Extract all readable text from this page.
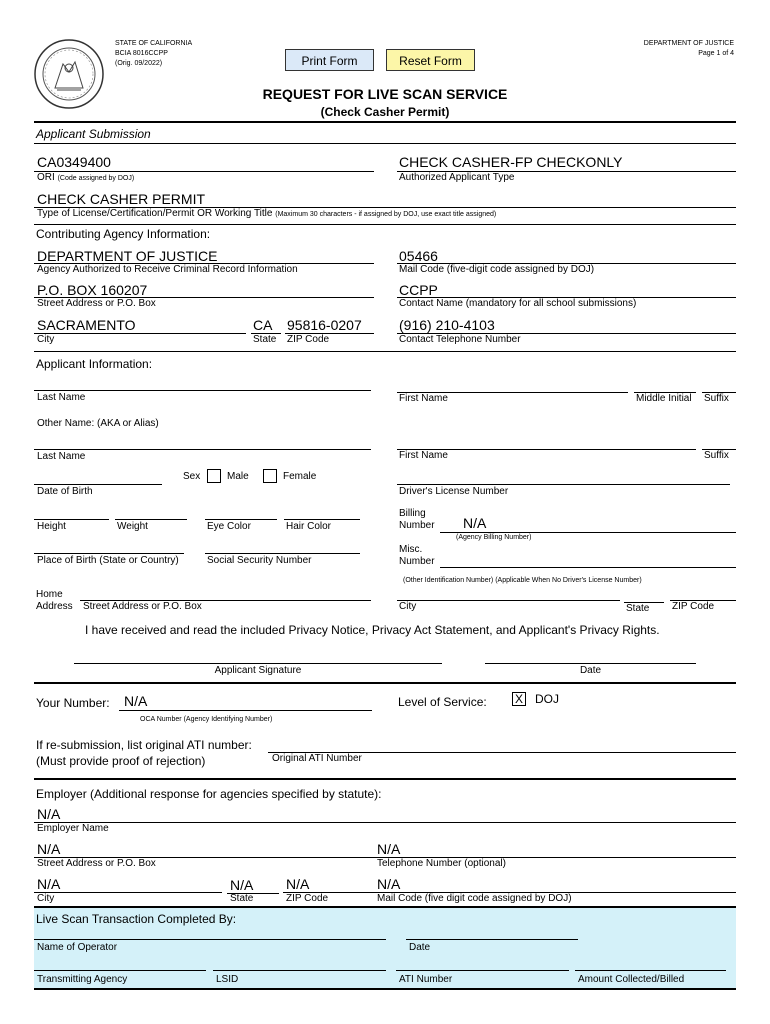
STATE OF CALIFORNIA
BCIA 8016CCPP
(Orig. 09/2022)	Print Form	Reset Form
DEPARTMENT OF JUSTICE
Page 1 of 4
REQUEST FOR LIVE SCAN SERVICE
(Check Casher Permit)
Applicant Submission
CA0349400
ORI (Code assigned by DOJ)
CHECK CASHER-FP CHECKONLY
Authorized Applicant Type
CHECK CASHER PERMIT
Type of License/Certification/Permit OR Working Title (Maximum 30 characters - if assigned by DOJ, use exact title assigned)
Contributing Agency Information:
DEPARTMENT OF JUSTICE
Agency Authorized to Receive Criminal Record Information
05466
Mail Code (five-digit code assigned by DOJ)
P.O. BOX 160207
Street Address or P.O. Box
CCPP
Contact Name (mandatory for all school submissions)
SACRAMENTO
City
CA
State
95816-0207
ZIP Code
(916) 210-4103
Contact Telephone Number
Applicant Information:
Last Name	First Name	Middle Initial Suffix
Other Name: (AKA or Alias)
Last Name	First Name	Suffix
Sex	Male	Female
Date of Birth	Driver's License Number
Height	Weight	Eye Color	Hair Color
Billing
Number N/A
(Agency Billing Number)
Place of Birth (State or Country)	Social Security Number
Misc.
Number
(Other Identification Number) (Applicable When No Driver's License Number)
Home
Address Street Address or P.O. Box	City	State ZIP Code
I have received and read the included Privacy Notice, Privacy Act Statement, and Applicant's Privacy Rights.
Applicant Signature	Date
Your Number: N/A
OCA Number (Agency Identifying Number)
Level of Service: X DOJ
If re-submission, list original ATI number:
(Must provide proof of rejection)	Original ATI Number
Employer (Additional response for agencies specified by statute):
N/A
Employer Name
N/A
Street Address or P.O. Box
N/A
Telephone Number (optional)
N/A
City
N/A
State
N/A
ZIP Code
N/A
Mail Code (five digit code assigned by DOJ)
Live Scan Transaction Completed By:
Name of Operator	Date
Transmitting Agency	LSID	ATI Number	Amount Collected/Billed
